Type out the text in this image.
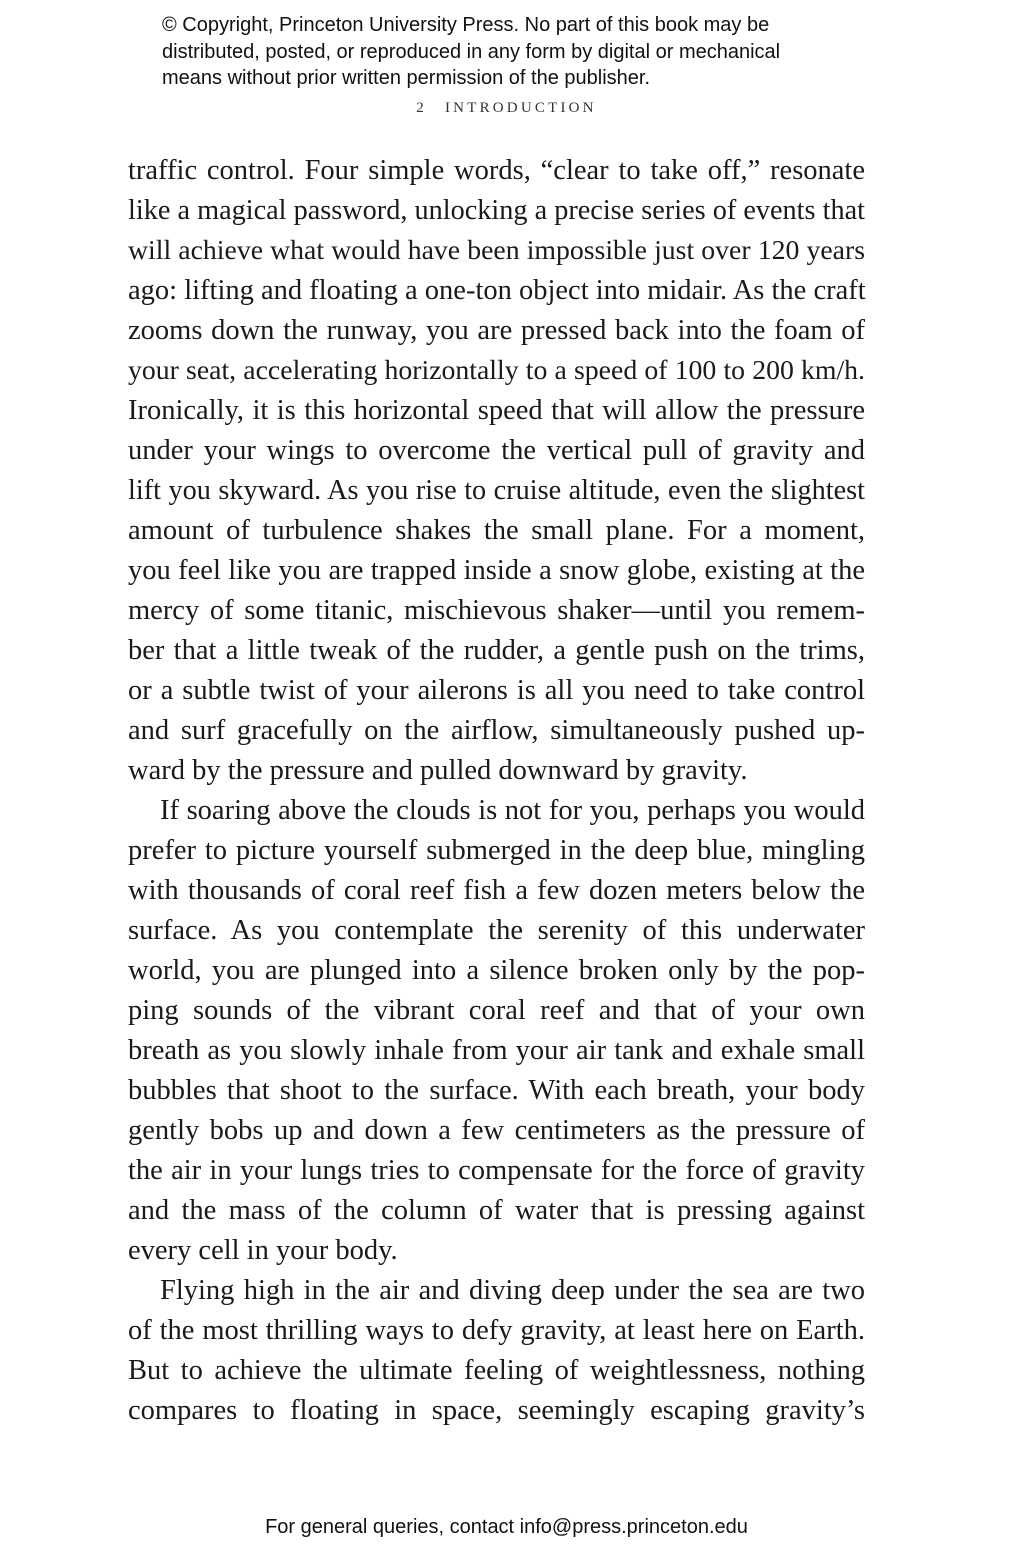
© Copyright, Princeton University Press. No part of this book may be
distributed, posted, or reproduced in any form by digital or mechanical
means without prior written permission of the publisher.
2 INTRODUCTION
traffic control. Four simple words, “clear to take off,” resonate
like a magical password, unlocking a precise series of events that
will achieve what would have been impossible just over 120 years
ago: lifting and floating a one-ton object into midair. As the craft
zooms down the runway, you are pressed back into the foam of
your seat, accelerating horizontally to a speed of 100 to 200 km/h.
Ironically, it is this horizontal speed that will allow the pressure
under your wings to overcome the vertical pull of gravity and
lift you skyward. As you rise to cruise altitude, even the slightest
amount of turbulence shakes the small plane. For a moment,
you feel like you are trapped inside a snow globe, existing at the
mercy of some titanic, mischievous shaker—until you remem-
ber that a little tweak of the rudder, a gentle push on the trims,
or a subtle twist of your ailerons is all you need to take control
and surf gracefully on the airflow, simultaneously pushed up-
ward by the pressure and pulled downward by gravity.
If soaring above the clouds is not for you, perhaps you would
prefer to picture yourself submerged in the deep blue, mingling
with thousands of coral reef fish a few dozen meters below the
surface. As you contemplate the serenity of this underwater
world, you are plunged into a silence broken only by the pop-
ping sounds of the vibrant coral reef and that of your own
breath as you slowly inhale from your air tank and exhale small
bubbles that shoot to the surface. With each breath, your body
gently bobs up and down a few centimeters as the pressure of
the air in your lungs tries to compensate for the force of gravity
and the mass of the column of water that is pressing against
every cell in your body.
Flying high in the air and diving deep under the sea are two
of the most thrilling ways to defy gravity, at least here on Earth.
But to achieve the ultimate feeling of weightlessness, nothing
compares to floating in space, seemingly escaping gravity’s
For general queries, contact info@press.princeton.edu
